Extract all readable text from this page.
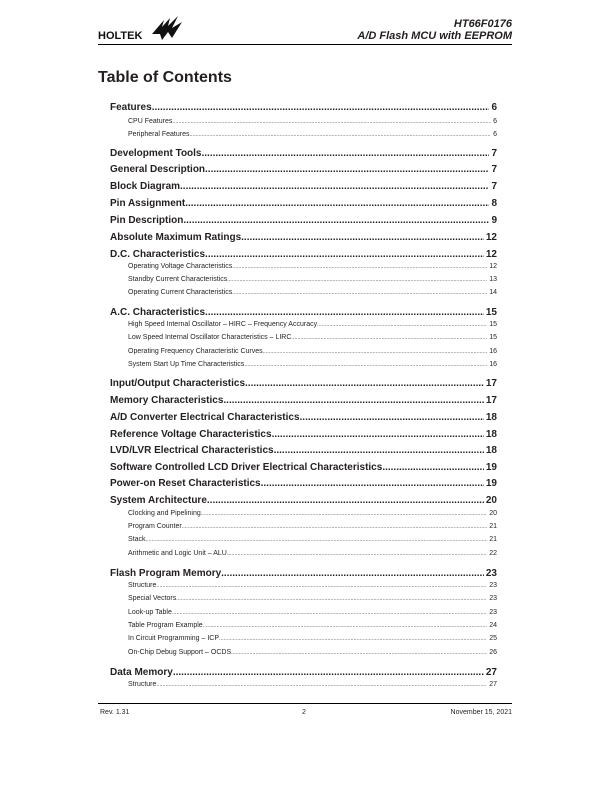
HOLTEK
HT66F0176
A/D Flash MCU with EEPROM
Table of Contents
Features .....	6
CPU Features .....	6
Peripheral Features .....	6
Development Tools .....	7
General Description .....	7
Block Diagram .....	7
Pin Assignment .....	8
Pin Description .....	9
Absolute Maximum Ratings .....	12
D.C. Characteristics .....	12
Operating Voltage Characteristics .....	12
Standby Current Characteristics .....	13
Operating Current Characteristics .....	14
A.C. Characteristics .....	15
High Speed Internal Oscillator – HIRC – Frequency Accuracy .....	15
Low Speed Internal Oscillator Characteristics – LIRC .....	15
Operating Frequency Characteristic Curves .....	16
System Start Up Time Characteristics .....	16
Input/Output Characteristics .....	17
Memory Characteristics .....	17
A/D Converter Electrical Characteristics .....	18
Reference Voltage Characteristics .....	18
LVD/LVR Electrical Characteristics .....	18
Software Controlled LCD Driver Electrical Characteristics .....	19
Power-on Reset Characteristics .....	19
System Architecture .....	20
Clocking and Pipelining .....	20
Program Counter .....	21
Stack .....	21
Arithmetic and Logic Unit – ALU .....	22
Flash Program Memory .....	23
Structure .....	23
Special Vectors .....	23
Look-up Table .....	23
Table Program Example .....	24
In Circuit Programming – ICP .....	25
On-Chip Debug Support – OCDS .....	26
Data Memory .....	27
Structure .....	27
Rev. 1.31	2	November 15, 2021
